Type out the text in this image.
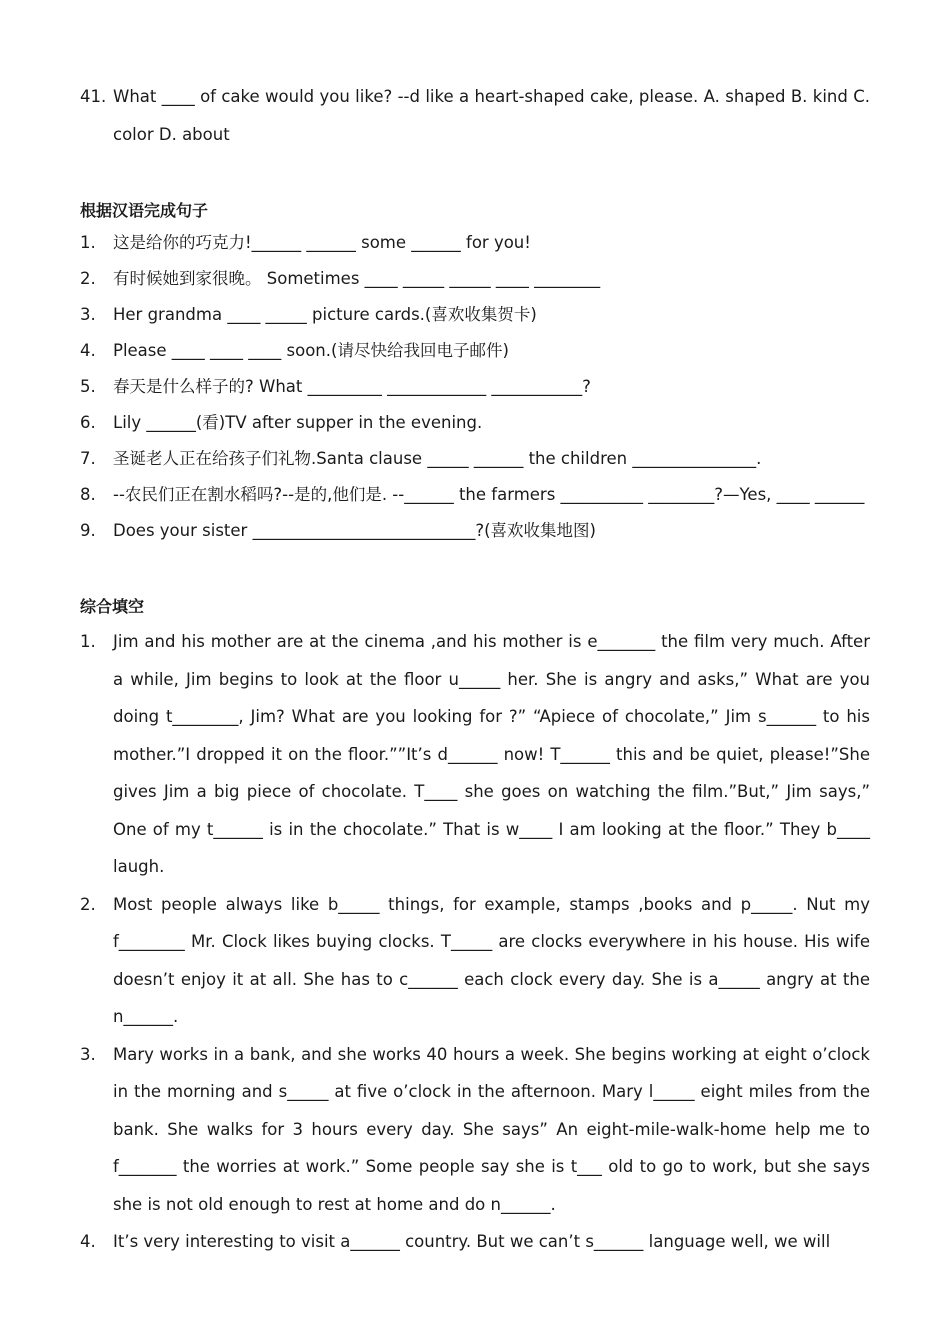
41. What ____ of cake would you like? --d like a heart-shaped cake, please. A. shaped B. kind C. color D. about
根据汉语完成句子
1.	这是给你的巧克力!______ ______ some ______ for you!
2.	有时候她到家很晚。 Sometimes ____ _____ _____ ____ ________
3.	Her grandma ____ _____ picture cards.(喜欢收集贺卡)
4.	Please ____ ____ ____ soon.(请尽快给我回电子邮件)
5.	春天是什么样子的? What _________ ____________ ___________?
6.	Lily ______(看)TV after supper in the evening.
7.	圣诞老人正在给孩子们礼物.Santa clause _____ ______ the children _______________.
8.	--农民们正在割水稻吗?--是的,他们是. --______ the farmers __________ ________?—Yes, ____ ______
9.	Does your sister ___________________________?(喜欢收集地图)
综合填空
1.	Jim and his mother are at the cinema ,and his mother is e_______ the film very much. After a while, Jim begins to look at the floor u_____ her. She is angry and asks,” What are you doing t________, Jim? What are you looking for ?” “Apiece of chocolate,” Jim s______ to his mother.”I dropped it on the floor.””It’s d______ now! T______ this and be quiet, please!”She gives Jim a big piece of chocolate. T____ she goes on watching the film.”But,” Jim says,” One of my t______ is in the chocolate.” That is w____ I am looking at the floor.” They b____ laugh.
2.	Most people always like b_____ things, for example, stamps ,books and p_____. Nut my f________ Mr. Clock likes buying clocks. T_____ are clocks everywhere in his house. His wife doesn’t enjoy it at all. She has to c______ each clock every day. She is a_____ angry at the n______.
3.	Mary works in a bank, and she works 40 hours a week. She begins working at eight o’clock in the morning and s_____ at five o’clock in the afternoon. Mary l_____ eight miles from the bank. She walks for 3 hours every day. She says” An eight-mile-walk-home help me to f_______ the worries at work.” Some people say she is t___ old to go to work, but she says she is not old enough to rest at home and do n______.
4.	It’s very interesting to visit a______ country. But we can’t s______ language well, we will
